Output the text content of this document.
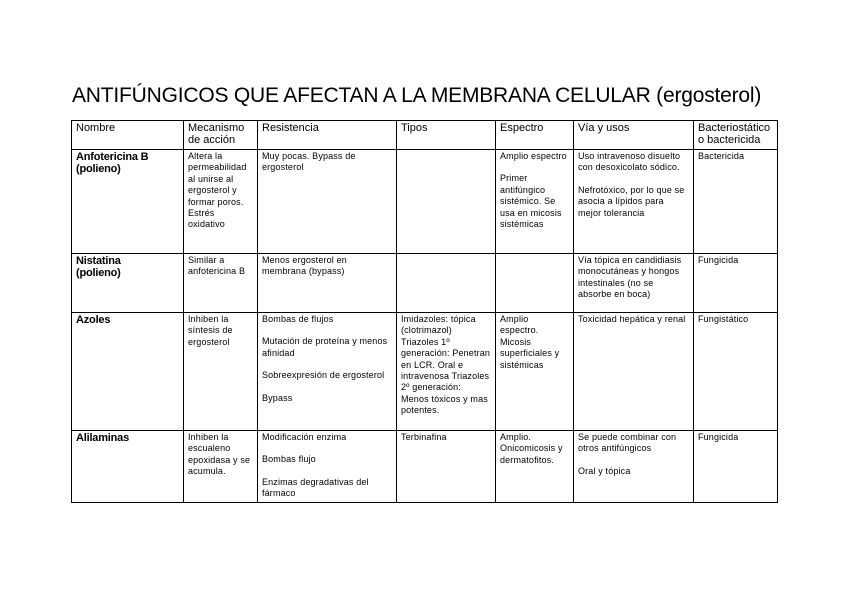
ANTIFÚNGICOS QUE AFECTAN A LA MEMBRANA CELULAR (ergosterol)
Nombre	Mecanismo de acción	Resistencia	Tipos	Espectro	Vía y usos	Bacteriostático o bactericida

Anfotericina B
(polieno)	Altera la permeabilidad al unirse al ergosterol y formar poros. Estrés oxidativo	Muy pocas. Bypass de ergosterol		Amplio espectro
Primer antifúngico sistémico. Se usa en micosis sistémicas	Uso intravenoso disuelto con desoxicolato sódico.
Nefrotóxico, por lo que se asocia a lípidos para mejor tolerancia	Bactericida

Nistatina
(polieno)	Similar a anfotericina B	Menos ergosterol en membrana (bypass)			Vía tópica en candidiasis monocutáneas y hongos intestinales (no se absorbe en boca)	Fungicida

Azoles	Inhiben la síntesis de ergosterol	Bombas de flujos
Mutación de proteína y menos afinidad
Sobreexpresión de ergosterol
Bypass	Imidazoles: tópica (clotrimazol) Triazoles 1º generación: Penetran en LCR. Oral e intravenosa Triazoles 2º generación: Menos tóxicos y mas potentes.	Amplio espectro. Micosis superficiales y sistémicas	Toxicidad hepática y renal	Fungistático

Alilaminas	Inhiben la escualeno epoxidasa y se acumula.	Modificación enzima
Bombas flujo
Enzimas degradativas del fármaco	Terbinafina	Amplio. Onicomicosis y dermatofitos.	Se puede combinar con otros antifúngicos
Oral y tópica	Fungicida
